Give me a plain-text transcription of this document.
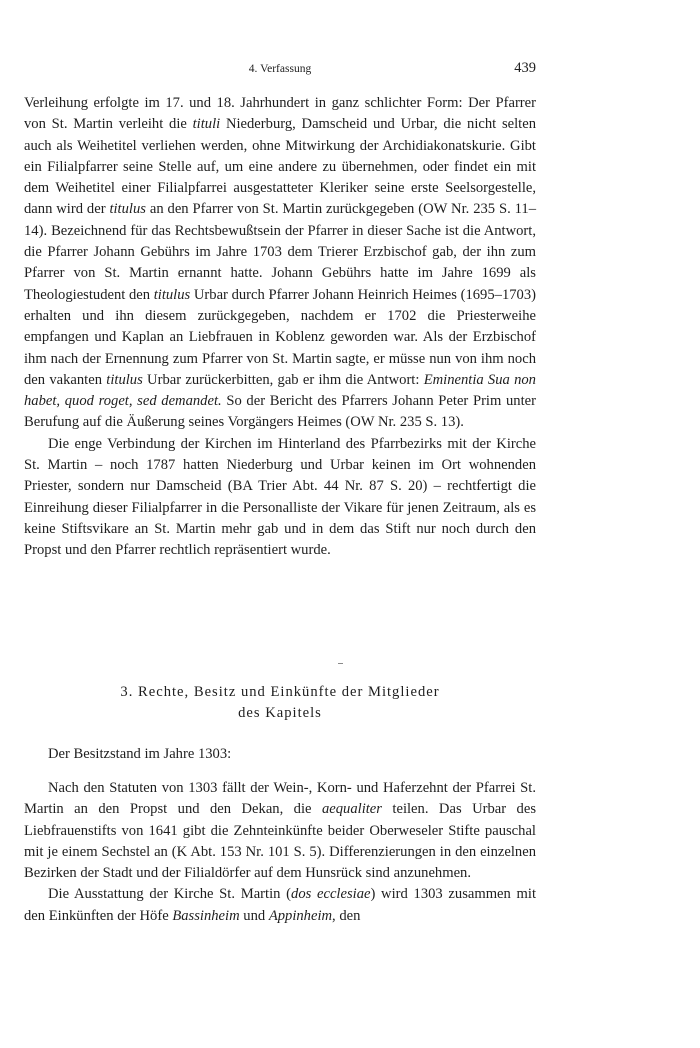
4. Verfassung	439

Verleihung erfolgte im 17. und 18. Jahrhundert in ganz schlichter Form: Der Pfarrer von St. Martin verleiht die tituli Niederburg, Damscheid und Urbar, die nicht selten auch als Weihetitel verliehen werden, ohne Mitwirkung der Archidiakonatskurie. Gibt ein Filialpfarrer seine Stelle auf, um eine andere zu übernehmen, oder findet ein mit dem Weihetitel einer Filialpfarrei ausgestatteter Kleriker seine erste Seelsorgestelle, dann wird der titulus an den Pfarrer von St. Martin zurückgegeben (OW Nr. 235 S. 11–14). Bezeichnend für das Rechtsbewußtsein der Pfarrer in dieser Sache ist die Antwort, die Pfarrer Johann Gebührs im Jahre 1703 dem Trierer Erzbischof gab, der ihn zum Pfarrer von St. Martin ernannt hatte. Johann Gebührs hatte im Jahre 1699 als Theologiestudent den titulus Urbar durch Pfarrer Johann Heinrich Heimes (1695–1703) erhalten und ihn diesem zurückgegeben, nachdem er 1702 die Priesterweihe empfangen und Kaplan an Liebfrauen in Koblenz geworden war. Als der Erzbischof ihm nach der Ernennung zum Pfarrer von St. Martin sagte, er müsse nun von ihm noch den vakanten titulus Urbar zurückerbitten, gab er ihm die Antwort: Eminentia Sua non habet, quod roget, sed demandet. So der Bericht des Pfarrers Johann Peter Prim unter Berufung auf die Äußerung seines Vorgängers Heimes (OW Nr. 235 S. 13).

Die enge Verbindung der Kirchen im Hinterland des Pfarrbezirks mit der Kirche St. Martin – noch 1787 hatten Niederburg und Urbar keinen im Ort wohnenden Priester, sondern nur Damscheid (BA Trier Abt. 44 Nr. 87 S. 20) – rechtfertigt die Einreihung dieser Filialpfarrer in die Personalliste der Vikare für jenen Zeitraum, als es keine Stiftsvikare an St. Martin mehr gab und in dem das Stift nur noch durch den Propst und den Pfarrer rechtlich repräsentiert wurde.

3. Rechte, Besitz und Einkünfte der Mitglieder
des Kapitels

Der Besitzstand im Jahre 1303:

Nach den Statuten von 1303 fällt der Wein-, Korn- und Haferzehnt der Pfarrei St. Martin an den Propst und den Dekan, die aequaliter teilen. Das Urbar des Liebfrauenstifts von 1641 gibt die Zehnteinkünfte beider Oberweseler Stifte pauschal mit je einem Sechstel an (K Abt. 153 Nr. 101 S. 5). Differenzierungen in den einzelnen Bezirken der Stadt und der Filialdörfer auf dem Hunsrück sind anzunehmen.

Die Ausstattung der Kirche St. Martin (dos ecclesiae) wird 1303 zusammen mit den Einkünften der Höfe Bassinheim und Appinheim, den
